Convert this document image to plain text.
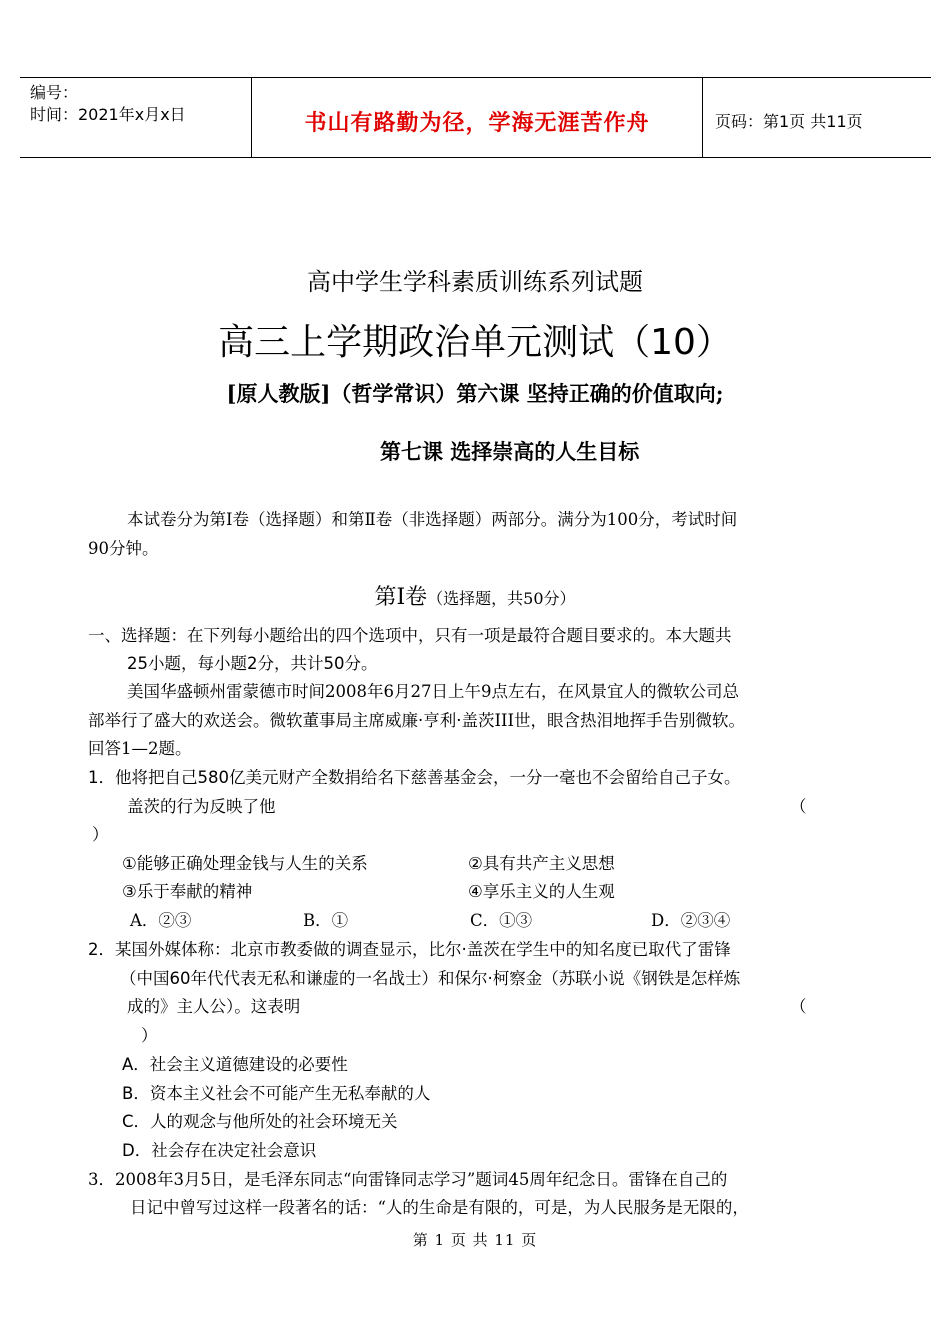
编号：
时间：2021年x月x日	书山有路勤为径，学海无涯苦作舟	页码：第1页 共11页
高中学生学科素质训练系列试题
高三上学期政治单元测试（10）
[原人教版]（哲学常识）第六课 坚持正确的价值取向;
第七课 选择崇高的人生目标
本试卷分为第Ⅰ卷（选择题）和第Ⅱ卷（非选择题）两部分。满分为100分，考试时间
90分钟。
第Ⅰ卷（选择题，共50分）
一、选择题：在下列每小题给出的四个选项中，只有一项是最符合题目要求的。本大题共
25小题，每小题2分，共计50分。
美国华盛顿州雷蒙德市时间2008年6月27日上午9点左右，在风景宜人的微软公司总
部举行了盛大的欢送会。微软董事局主席威廉·亨利·盖茨III世，眼含热泪地挥手告别微软。
回答1—2题。
1．他将把自己580亿美元财产全数捐给名下慈善基金会，一分一毫也不会留给自己子女。
盖茨的行为反映了他	（
）
①能够正确处理金钱与人生的关系	②具有共产主义思想
③乐于奉献的精神	④享乐主义的人生观
A．②③	B．①	C．①③	D．②③④
2．某国外媒体称：北京市教委做的调查显示，比尔·盖茨在学生中的知名度已取代了雷锋
（中国60年代代表无私和谦虚的一名战士）和保尔·柯察金（苏联小说《钢铁是怎样炼
成的》主人公）。这表明	（
）
A．社会主义道德建设的必要性
B．资本主义社会不可能产生无私奉献的人
C．人的观念与他所处的社会环境无关
D．社会存在决定社会意识
3．2008年3月5日，是毛泽东同志“向雷锋同志学习”题词45周年纪念日。雷锋在自己的
日记中曾写过这样一段著名的话：“人的生命是有限的，可是，为人民服务是无限的，
第 1 页 共 11 页
